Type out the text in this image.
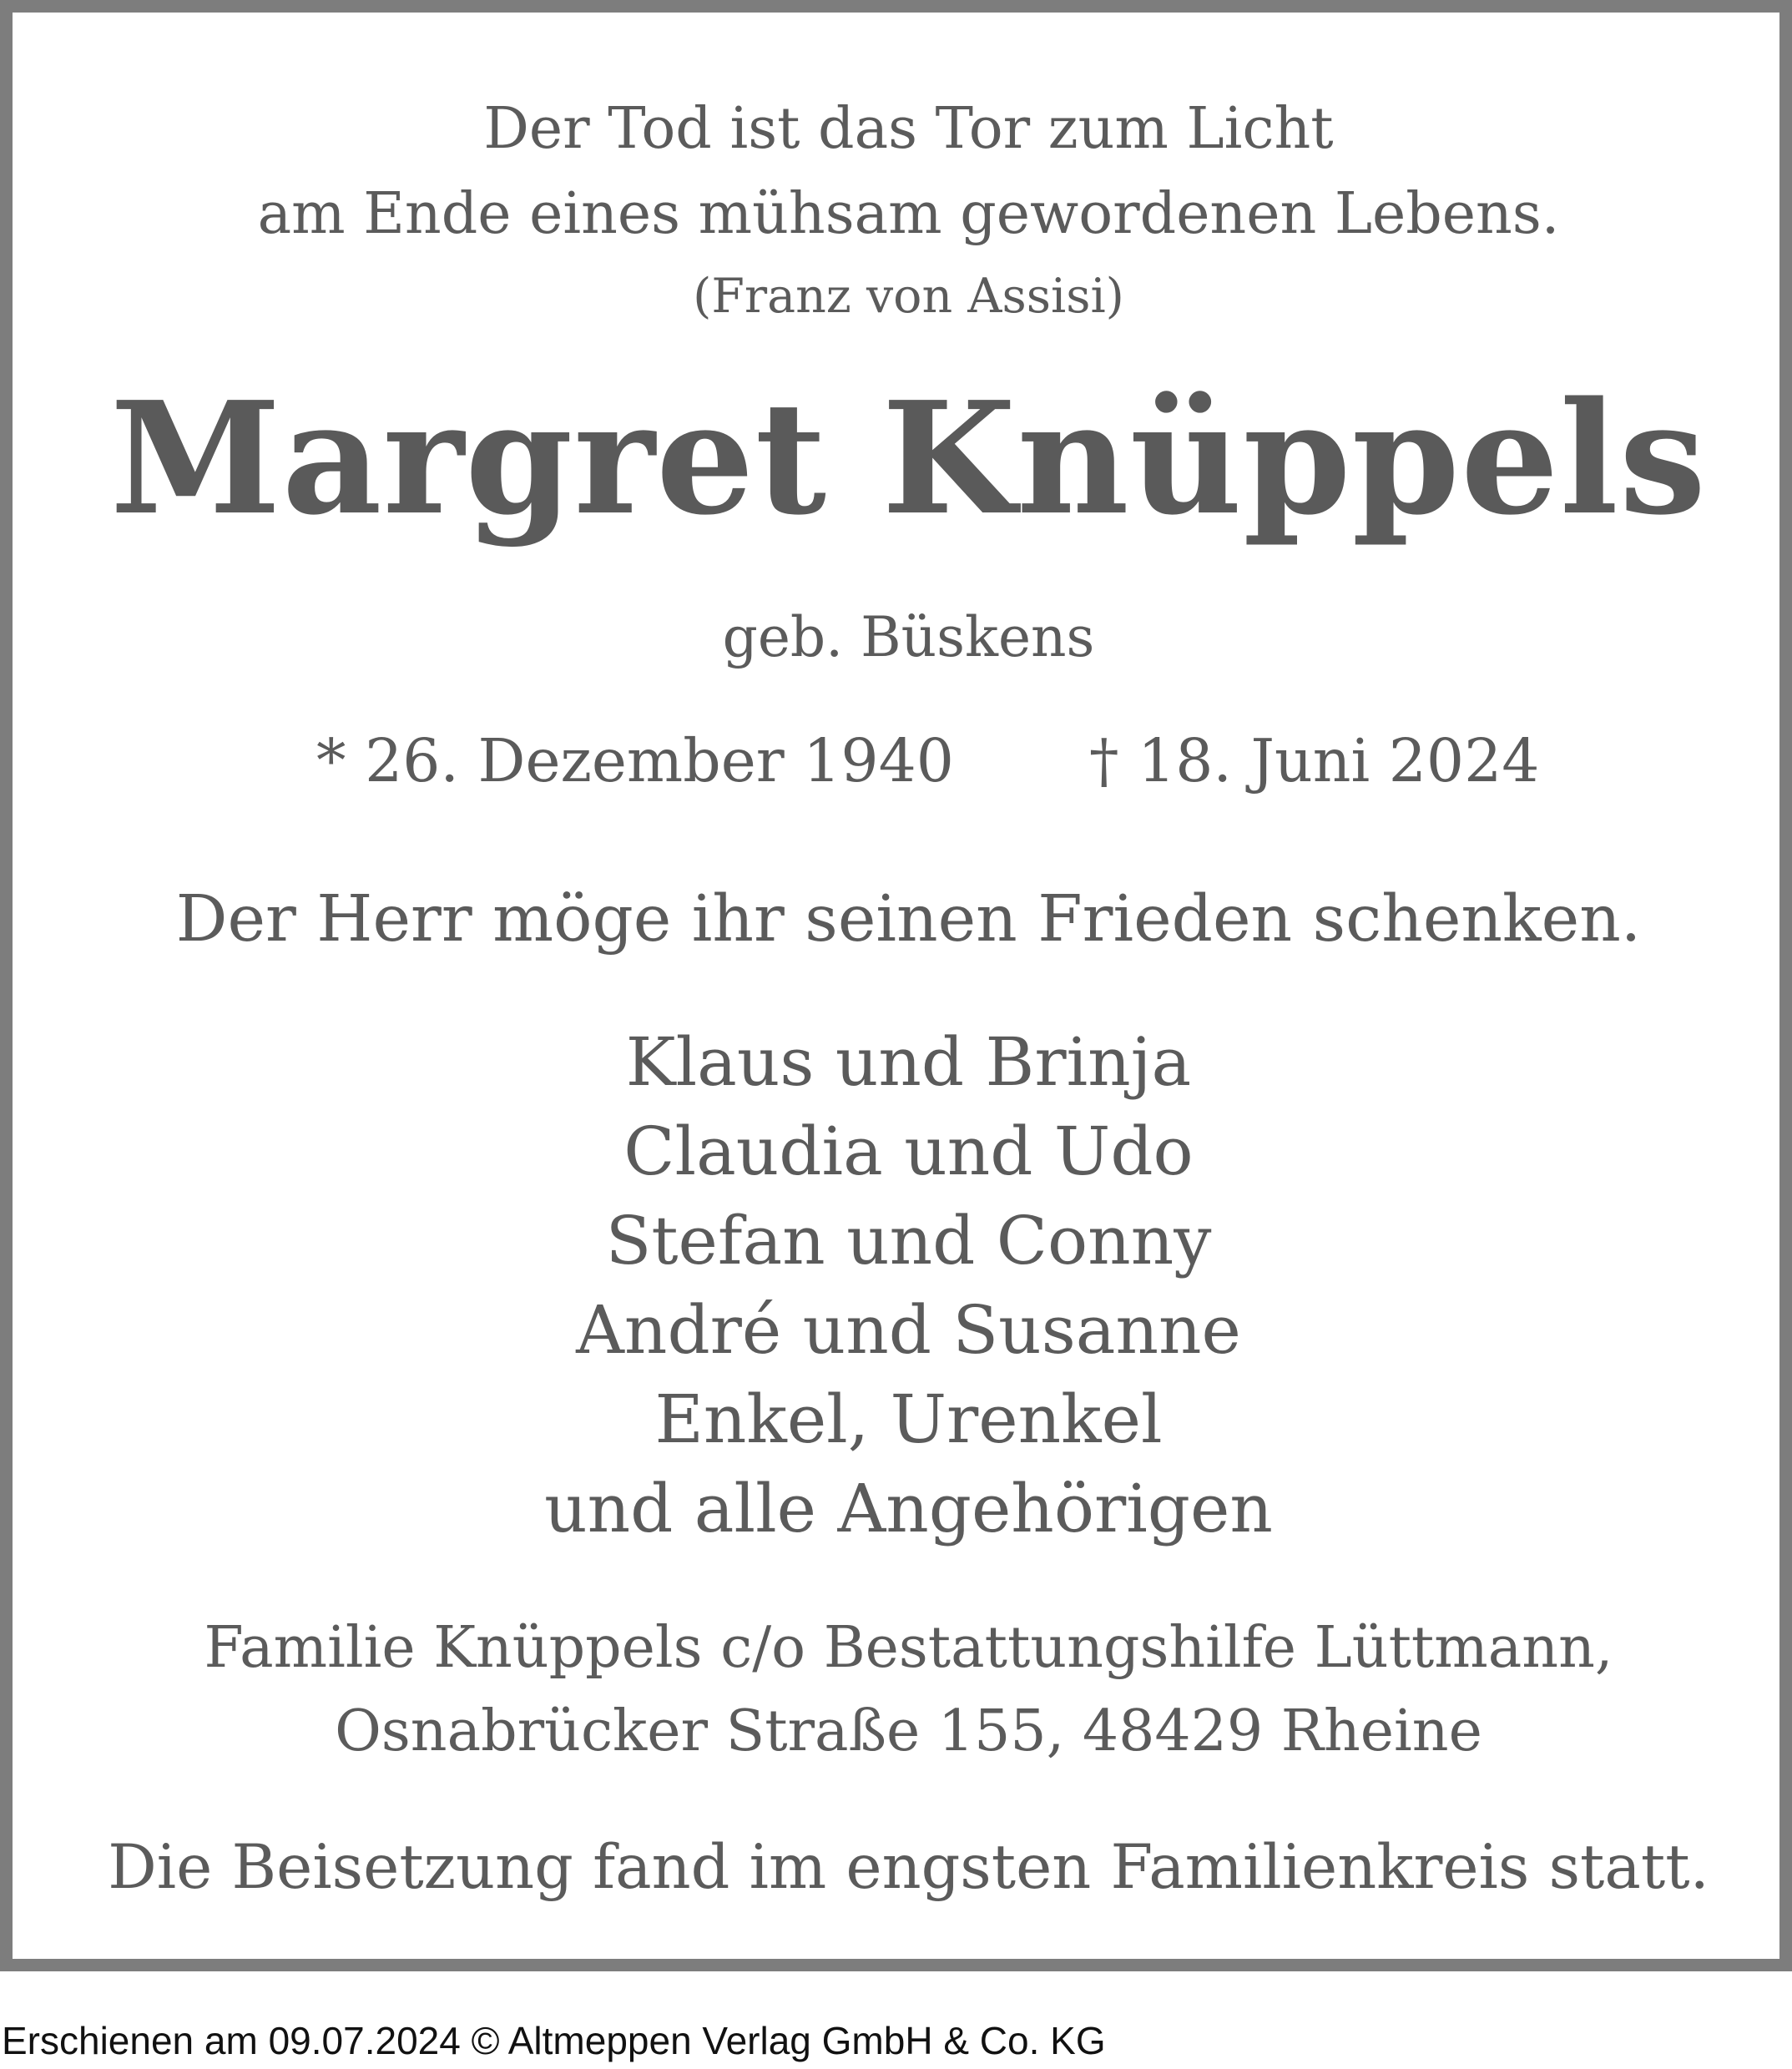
Der Tod ist das Tor zum Licht
am Ende eines mühsam gewordenen Lebens.
(Franz von Assisi)
Margret Knüppels
geb. Büskens
* 26. Dezember 1940 † 18. Juni 2024
Der Herr möge ihr seinen Frieden schenken.
Klaus und Brinja
Claudia und Udo
Stefan und Conny
André und Susanne
Enkel, Urenkel
und alle Angehörigen
Familie Knüppels c/o Bestattungshilfe Lüttmann,
Osnabrücker Straße 155, 48429 Rheine
Die Beisetzung fand im engsten Familienkreis statt.
Erschienen am 09.07.2024 © Altmeppen Verlag GmbH & Co. KG
